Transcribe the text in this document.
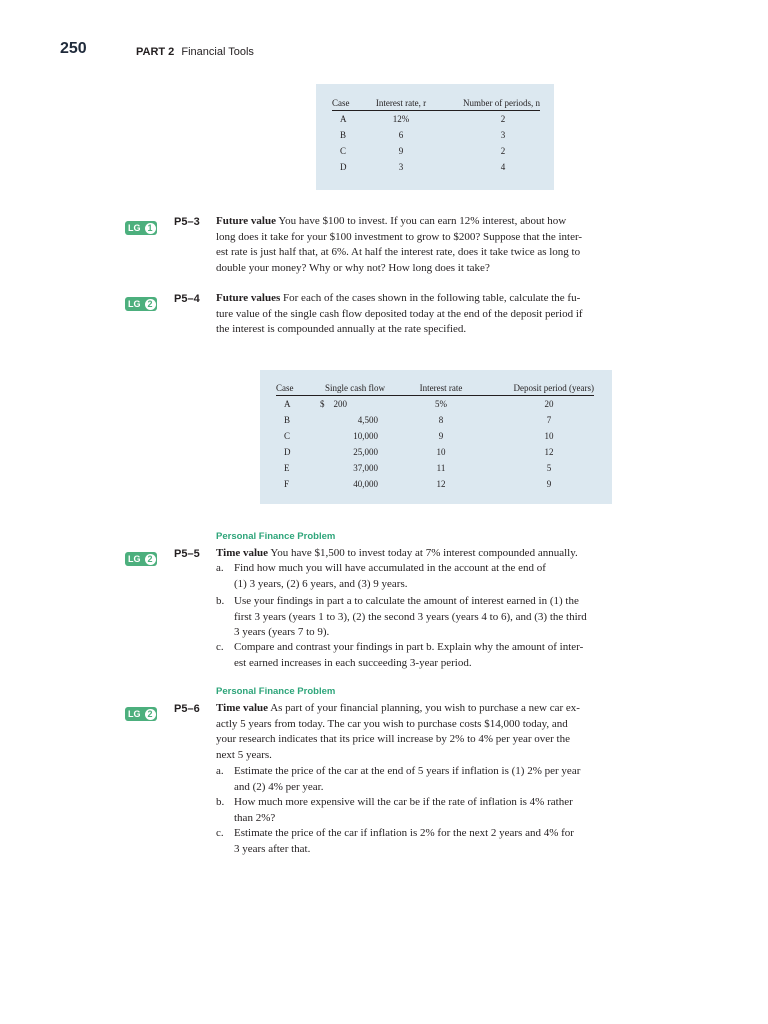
250	PART 2 Financial Tools
Case	Interest rate, r	Number of periods, n
A	12%	2
B	6	3
C	9	2
D	3	4
LG 1 P5–3 Future value You have $100 to invest. If you can earn 12% interest, about how
long does it take for your $100 investment to grow to $200? Suppose that the inter-
est rate is just half that, at 6%. At half the interest rate, does it take twice as long to
double your money? Why or why not? How long does it take?
LG 2 P5–4 Future values For each of the cases shown in the following table, calculate the fu-
ture value of the single cash flow deposited today at the end of the deposit period if
the interest is compounded annually at the rate specified.
Case	Single cash flow	Interest rate	Deposit period (years)
A	$    200	5%	20
B	4,500	8	7
C	10,000	9	10
D	25,000	10	12
E	37,000	11	5
F	40,000	12	9
Personal Finance Problem
LG 2 P5–5 Time value You have $1,500 to invest today at 7% interest compounded annually.
a. Find how much you will have accumulated in the account at the end of
(1) 3 years, (2) 6 years, and (3) 9 years.
b. Use your findings in part a to calculate the amount of interest earned in (1) the
first 3 years (years 1 to 3), (2) the second 3 years (years 4 to 6), and (3) the third
3 years (years 7 to 9).
c. Compare and contrast your findings in part b. Explain why the amount of inter-
est earned increases in each succeeding 3-year period.
Personal Finance Problem
LG 2 P5–6 Time value As part of your financial planning, you wish to purchase a new car ex-
actly 5 years from today. The car you wish to purchase costs $14,000 today, and
your research indicates that its price will increase by 2% to 4% per year over the
next 5 years.
a. Estimate the price of the car at the end of 5 years if inflation is (1) 2% per year
and (2) 4% per year.
b. How much more expensive will the car be if the rate of inflation is 4% rather
than 2%?
c. Estimate the price of the car if inflation is 2% for the next 2 years and 4% for
3 years after that.
